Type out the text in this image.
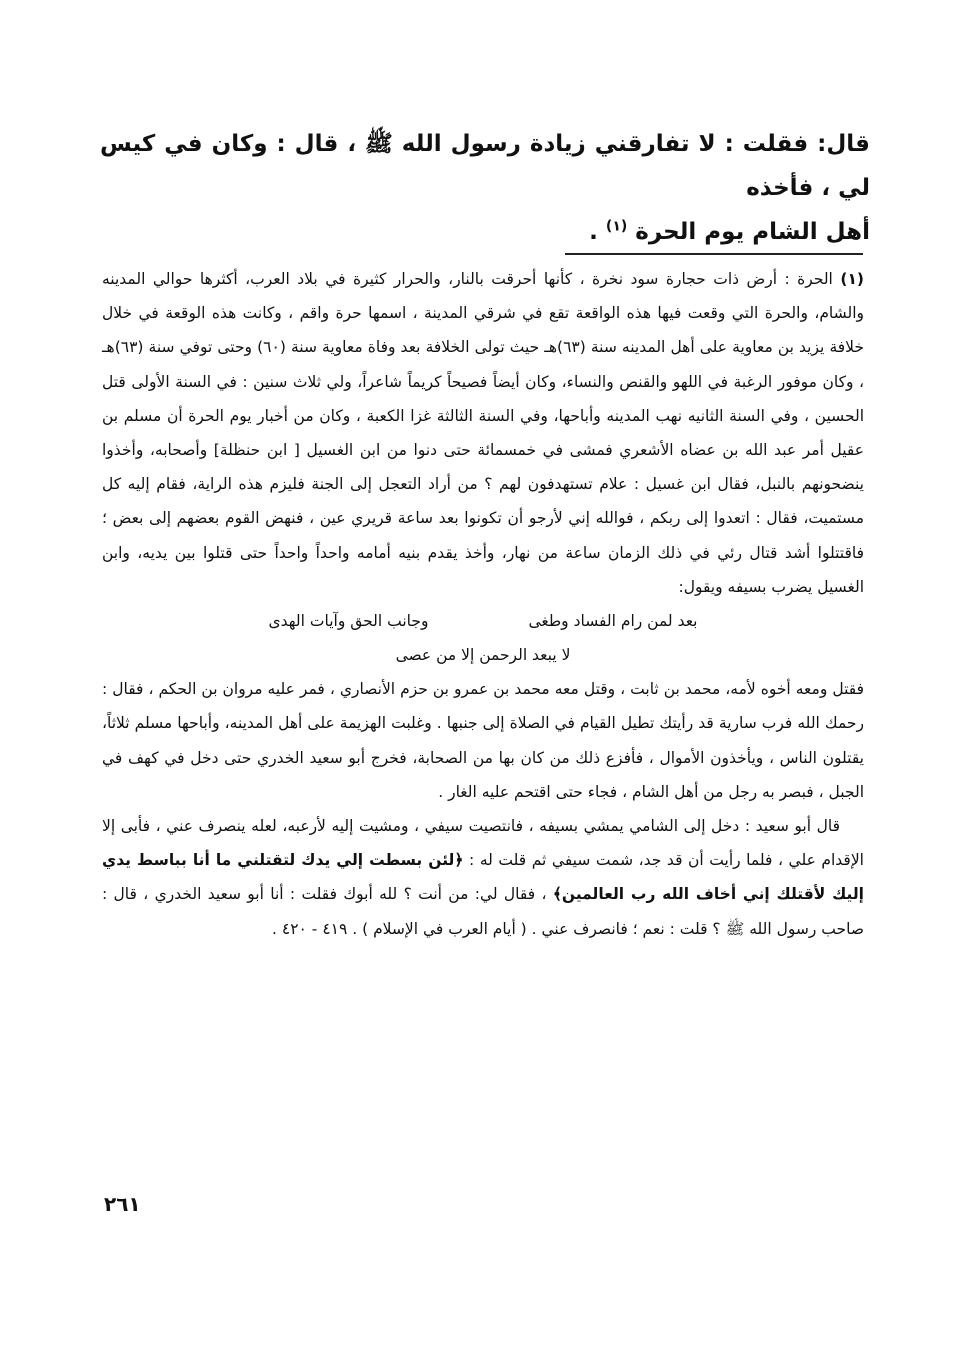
قال: فقلت : لا تفارقني زيادة رسول الله ﷺ ، قال : وكان في كيس لي ، فأخذه

أهل الشام يوم الحرة $^{(١)}$ .

(١) الحرة : أرض ذات حجارة سود نخرة ، كأنها أحرقت بالنار، والحرار كثيرة في بلاد العرب، أكثرها حوالي المدينه والشام، والحرة التي وقعت فيها هذه الواقعة تقع في شرقي المدينة ، اسمها حرة واقم ، وكانت هذه الوقعة في خلال خلافة يزيد بن معاوية على أهل المدينه سنة (٦٣)هـ حيث تولى الخلافة بعد وفاة معاوية سنة (٦٠) وحتى توفي سنة (٦٣)هـ ، وكان موفور الرغبة في اللهو والقنص والنساء، وكان أيضاً فصيحاً كريماً شاعراً، ولي ثلاث سنين : في السنة الأولى قتل الحسين ، وفي السنة الثانيه نهب المدينه وأباحها، وفي السنة الثالثة غزا الكعبة ، وكان من أخبار يوم الحرة أن مسلم بن عقيل أمر عبد الله بن عضاه الأشعري فمشى في خمسمائة حتى دنوا من ابن الغسيل [ ابن حنظلة] وأصحابه، وأخذوا ينضحونهم بالنبل، فقال ابن غسيل : علام تستهدفون لهم ؟ من أراد التعجل إلى الجنة فليزم هذه الراية، فقام إليه كل مستميت، فقال : اتعدوا إلى ربكم ، فوالله إني لأرجو أن تكونوا بعد ساعة قريري عين ، فنهض القوم بعضهم إلى بعض ؛ فاقتتلوا أشد قتال رئي في ذلك الزمان ساعة من نهار، وأخذ يقدم بنيه أمامه واحداً واحداً حتى قتلوا بين يديه، وابن الغسيل يضرب بسيفه ويقول:

بعد لمن رام الفساد وطغى
وجانب الحق وآيات الهدى

لا يبعد الرحمن إلا من عصى

فقتل ومعه أخوه لأمه، محمد بن ثابت ، وقتل معه محمد بن عمرو بن حزم الأنصاري ، فمر عليه مروان بن الحكم ، فقال : رحمك الله فرب سارية قد رأيتك تطيل القيام في الصلاة إلى جنبها . وغلبت الهزيمة على أهل المدينه، وأباحها مسلم ثلاثاً، يقتلون الناس ، ويأخذون الأموال ، فأفزع ذلك من كان بها من الصحابة، فخرج أبو سعيد الخدري حتى دخل في كهف في الجبل ، فبصر به رجل من أهل الشام ، فجاء حتى اقتحم عليه الغار .

قال أبو سعيد : دخل إلى الشامي يمشي بسيفه ، فانتصيت سيفي ، ومشيت إليه لأرعبه، لعله ينصرف عني ، فأبى إلا الإقدام علي ، فلما رأيت أن قد جد، شمت سيفي ثم قلت له : ﴿لئن بسطت إلي يدك لتقتلني ما أنا بباسط يدي إليك لأقتلك إني أخاف الله رب العالمين﴾ ، فقال لي: من أنت ؟ لله أبوك فقلت : أنا أبو سعيد الخدري ، قال : صاحب رسول الله ﷺ ؟ قلت : نعم ؛ فانصرف عني . ( أيام العرب في الإسلام ) . ٤١٩ - ٤٢٠ .

٢٦١
